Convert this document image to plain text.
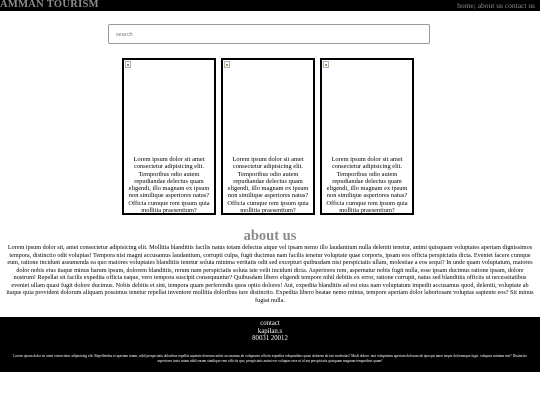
AMMAN TOURISM	home; about us contact us
search
Lorem ipsum dolor sit amet consectetur adipisicing elit. Temporibus odio autem repudiandae delectus quam eligendi, illo magnam ex ipsum non similique asperiores natus? Officia cumque rem ipsum quia mollitia praesentium?
Lorem ipsum dolor sit amet consectetur adipisicing elit. Temporibus odio autem repudiandae delectus quam eligendi, illo magnam ex ipsum non similique asperiores natus? Officia cumque rem ipsum quia mollitia praesentium?
Lorem ipsum dolor sit amet consectetur adipisicing elit. Temporibus odio autem repudiandae delectus quam eligendi, illo magnam ex ipsum non similique asperiores natus? Officia cumque rem ipsum quia mollitia praesentium?
about us
Lorem ipsum dolor sit, amet consectetur adipisicing elit. Mollitia blanditiis facilis natus totam delectus atque vel ipsam nemo illo laudantium nulla deleniti tenetur, animi quisquam voluptates aperiam dignissimos tempora, distinctio odit voluptas! Tempora nisi magni accusamus laudantium, corrupti culpa, fugit ducimus nam facilis tenetur voluptate quae corporis, ipsam eos officia perspiciatis dicta. Eveniet facere cumque eum, ratione incidunt assumenda ea quo maiores voluptates blanditiis tenetur soluta minima veritatis odit sed excepturi quibusdam nisi perspiciatis ullam, molestiae a eos sequi? In unde quam voluptatum, maiores dolor nobis eius itaque minus harum ipsum, dolorem blanditiis, rerum nam perspiciatis soluta iste velit incidunt dicta. Asperiores rem, aspernatur nobis fugit nulla, esse ipsam ducimus ratione ipsam, dolore nostrum! Repellat sit facilis expedita officia eaque, vero tempora suscipit consequuntur? Quibusdam libero eligendi tempore nihil debitis ex error, ratione corrupti, natus sed blanditiis officiis ut necessitatibus eveniet ullam quasi fugit dolore ducimus. Nobis debitis et sint, tempora quam perferendis quos optio dolores! Aut, expedita blanditiis ad est eius nam voluptatum impedit accusamus quod, deleniti, voluptate ab itaque quia provident dolorum aliquam possimus tenetur repellat inventore mollitia doloribus iure distinctio. Expedita libero beatae nemo minus, tempore aperiam dolor laboriosam voluptas sapiente eos? Sit minus fugiat nulla.
contact
kapilan.s
80031 20012
Lorem ipsum dolor sit amet consectetur adipisicing elit. Repellendus et aperiam totam, nihil perspiciatis doloribus repellat sapiente deserunt nobis accusamus ab voluptates officiis expedita voluptatibus quasi dolorem ab iste molestias? Modi dolore, nisi voluptatem aperiam dolorum ab ipsa qui amet neque doloremque fugit, voluptas minima nisi? Distinctio asperiores iusto totam nihil earum similique rem officiis quo, perspiciatis animi eos voluptas esse ut id aut perspiciatis quisquam magnam temporibus quam!
